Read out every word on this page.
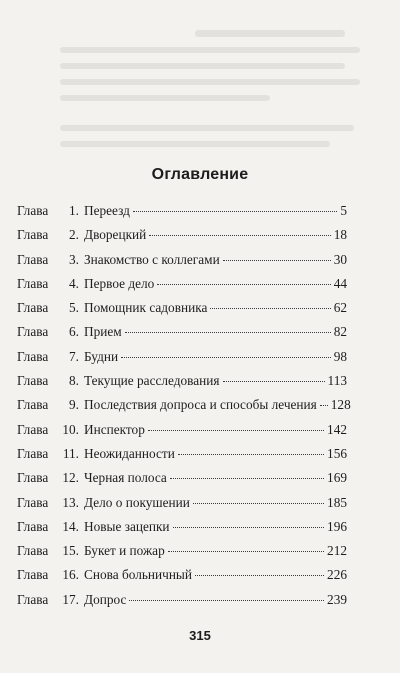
Оглавление
Глава	1 . Переезд	5
Глава	2 . Дворецкий	18
Глава	3 . Знакомство с коллегами	30
Глава	4 . Первое дело	44
Глава	5 . Помощник садовника	62
Глава	6 . Прием	82
Глава	7 . Будни	98
Глава	8 . Текущие расследования	113
Глава	9 . Последствия допроса и способы лечения 128
Глава	10 . Инспектор	142
Глава	11 . Неожиданности	156
Глава	12 . Черная полоса	169
Глава	13 . Дело о покушении	185
Глава	14 . Новые зацепки	196
Глава	15 . Букет и пожар	212
Глава	16 . Снова больничный	226
Глава	17 . Допрос	239
315
